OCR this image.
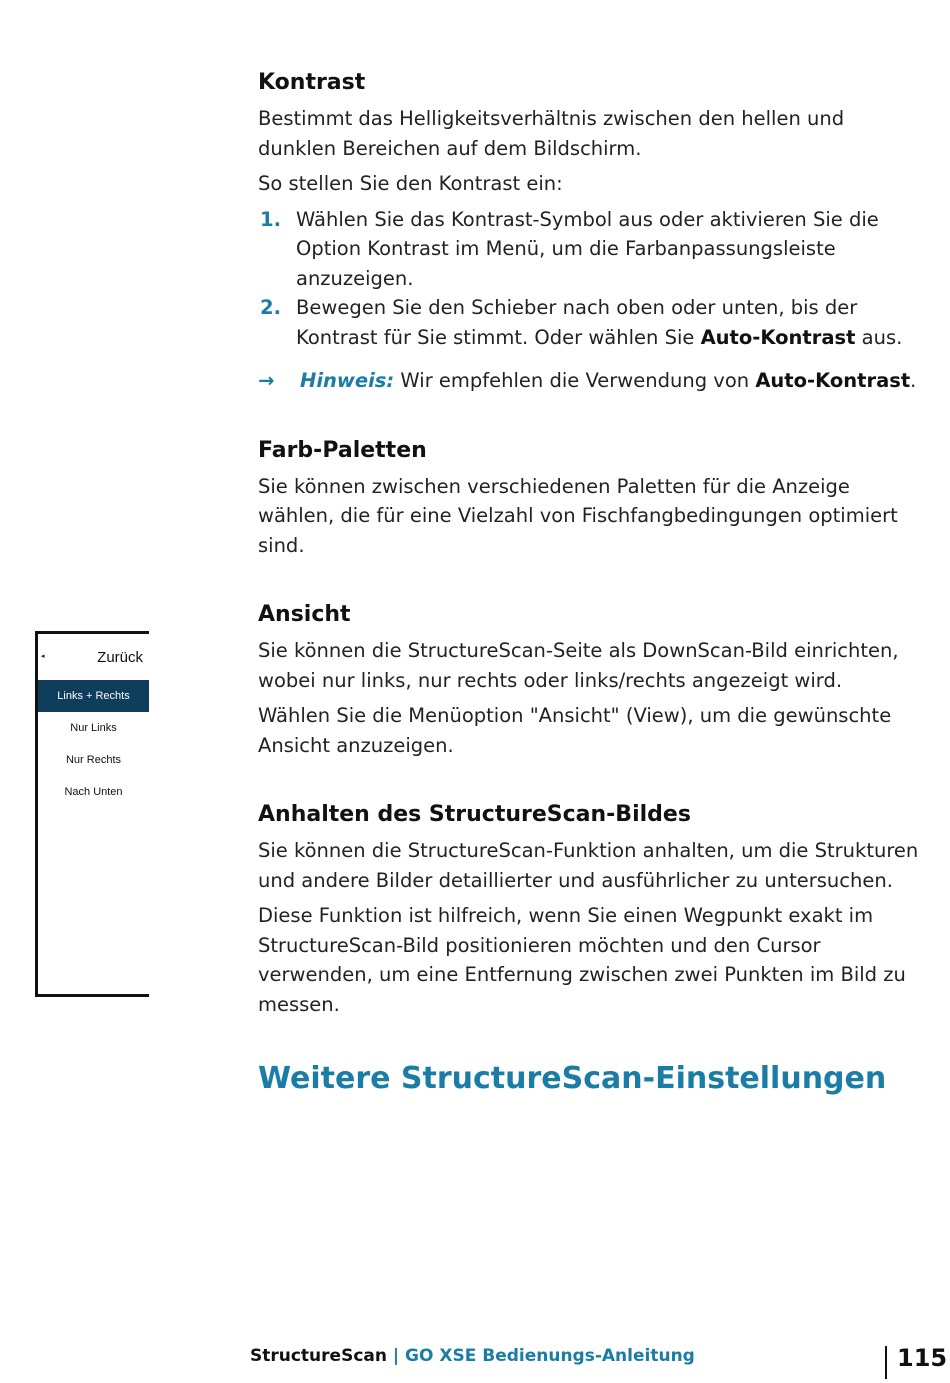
Kontrast

Bestimmt das Helligkeitsverhältnis zwischen den hellen und dunklen Bereichen auf dem Bildschirm.

So stellen Sie den Kontrast ein:

1. Wählen Sie das Kontrast-Symbol aus oder aktivieren Sie die Option Kontrast im Menü, um die Farbanpassungsleiste anzuzeigen.
2. Bewegen Sie den Schieber nach oben oder unten, bis der Kontrast für Sie stimmt. Oder wählen Sie Auto-Kontrast aus.
→ Hinweis: Wir empfehlen die Verwendung von Auto-Kontrast.
Farb-Paletten

Sie können zwischen verschiedenen Paletten für die Anzeige wählen, die für eine Vielzahl von Fischfangbedingungen optimiert sind.

Ansicht

Sie können die StructureScan-Seite als DownScan-Bild einrichten, wobei nur links, nur rechts oder links/rechts angezeigt wird.

Wählen Sie die Menüoption "Ansicht" (View), um die gewünschte Ansicht anzuzeigen.

Anhalten des StructureScan-Bildes

Sie können die StructureScan-Funktion anhalten, um die Strukturen und andere Bilder detaillierter und ausführlicher zu untersuchen.

Diese Funktion ist hilfreich, wenn Sie einen Wegpunkt exakt im StructureScan-Bild positionieren möchten und den Cursor verwenden, um eine Entfernung zwischen zwei Punkten im Bild zu messen.

Weitere StructureScan-Einstellungen
◂	Zurück
Links + Rechts
Nur Links
Nur Rechts
Nach Unten
StructureScan | GO XSE Bedienungs-Anleitung	115
